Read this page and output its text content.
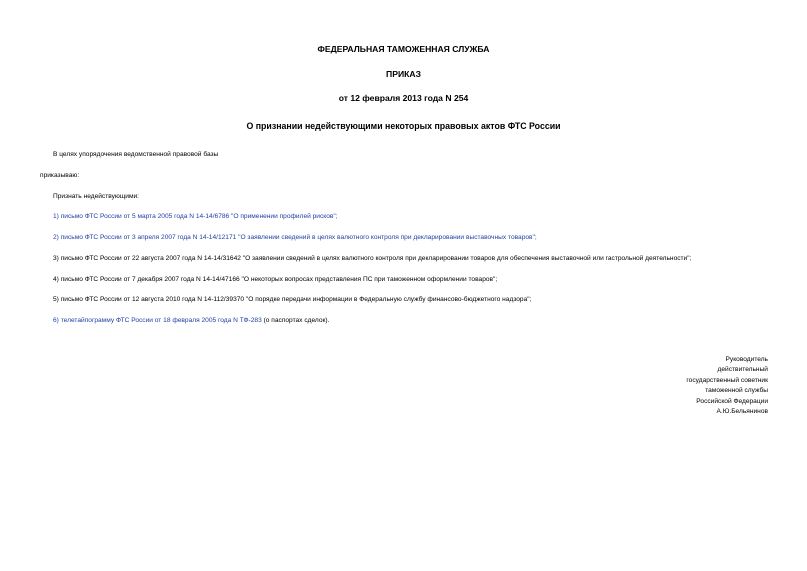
ФЕДЕРАЛЬНАЯ ТАМОЖЕННАЯ СЛУЖБА
ПРИКАЗ
от 12 февраля 2013 года N 254
О признании недействующими некоторых правовых актов ФТС России
В целях упорядочения ведомственной правовой базы
приказываю:
Признать недействующими:
1) письмо ФТС России от 5 марта 2005 года N 14-14/6786 "О применении профилей рисков";
2) письмо ФТС России от 3 апреля 2007 года N 14-14/12171 "О заявлении сведений в целях валютного контроля при декларировании выставочных товаров";
3) письмо ФТС России от 22 августа 2007 года N 14-14/31642 "О заявлении сведений в целях валютного контроля при декларировании товаров для обеспечения выставочной или гастрольной деятельности";
4) письмо ФТС России от 7 декабря 2007 года N 14-14/47166 "О некоторых вопросах представления ПС при таможенном оформлении товаров";
5) письмо ФТС России от 12 августа 2010 года N 14-112/39370 "О порядке передачи информации в Федеральную службу финансово-бюджетного надзора";
6) телетайпограмму ФТС России от 18 февраля 2005 года N ТФ-283 (о паспортах сделок).
Руководитель
действительный
государственный советник
таможенной службы
Российской Федерации
А.Ю.Бельянинов
